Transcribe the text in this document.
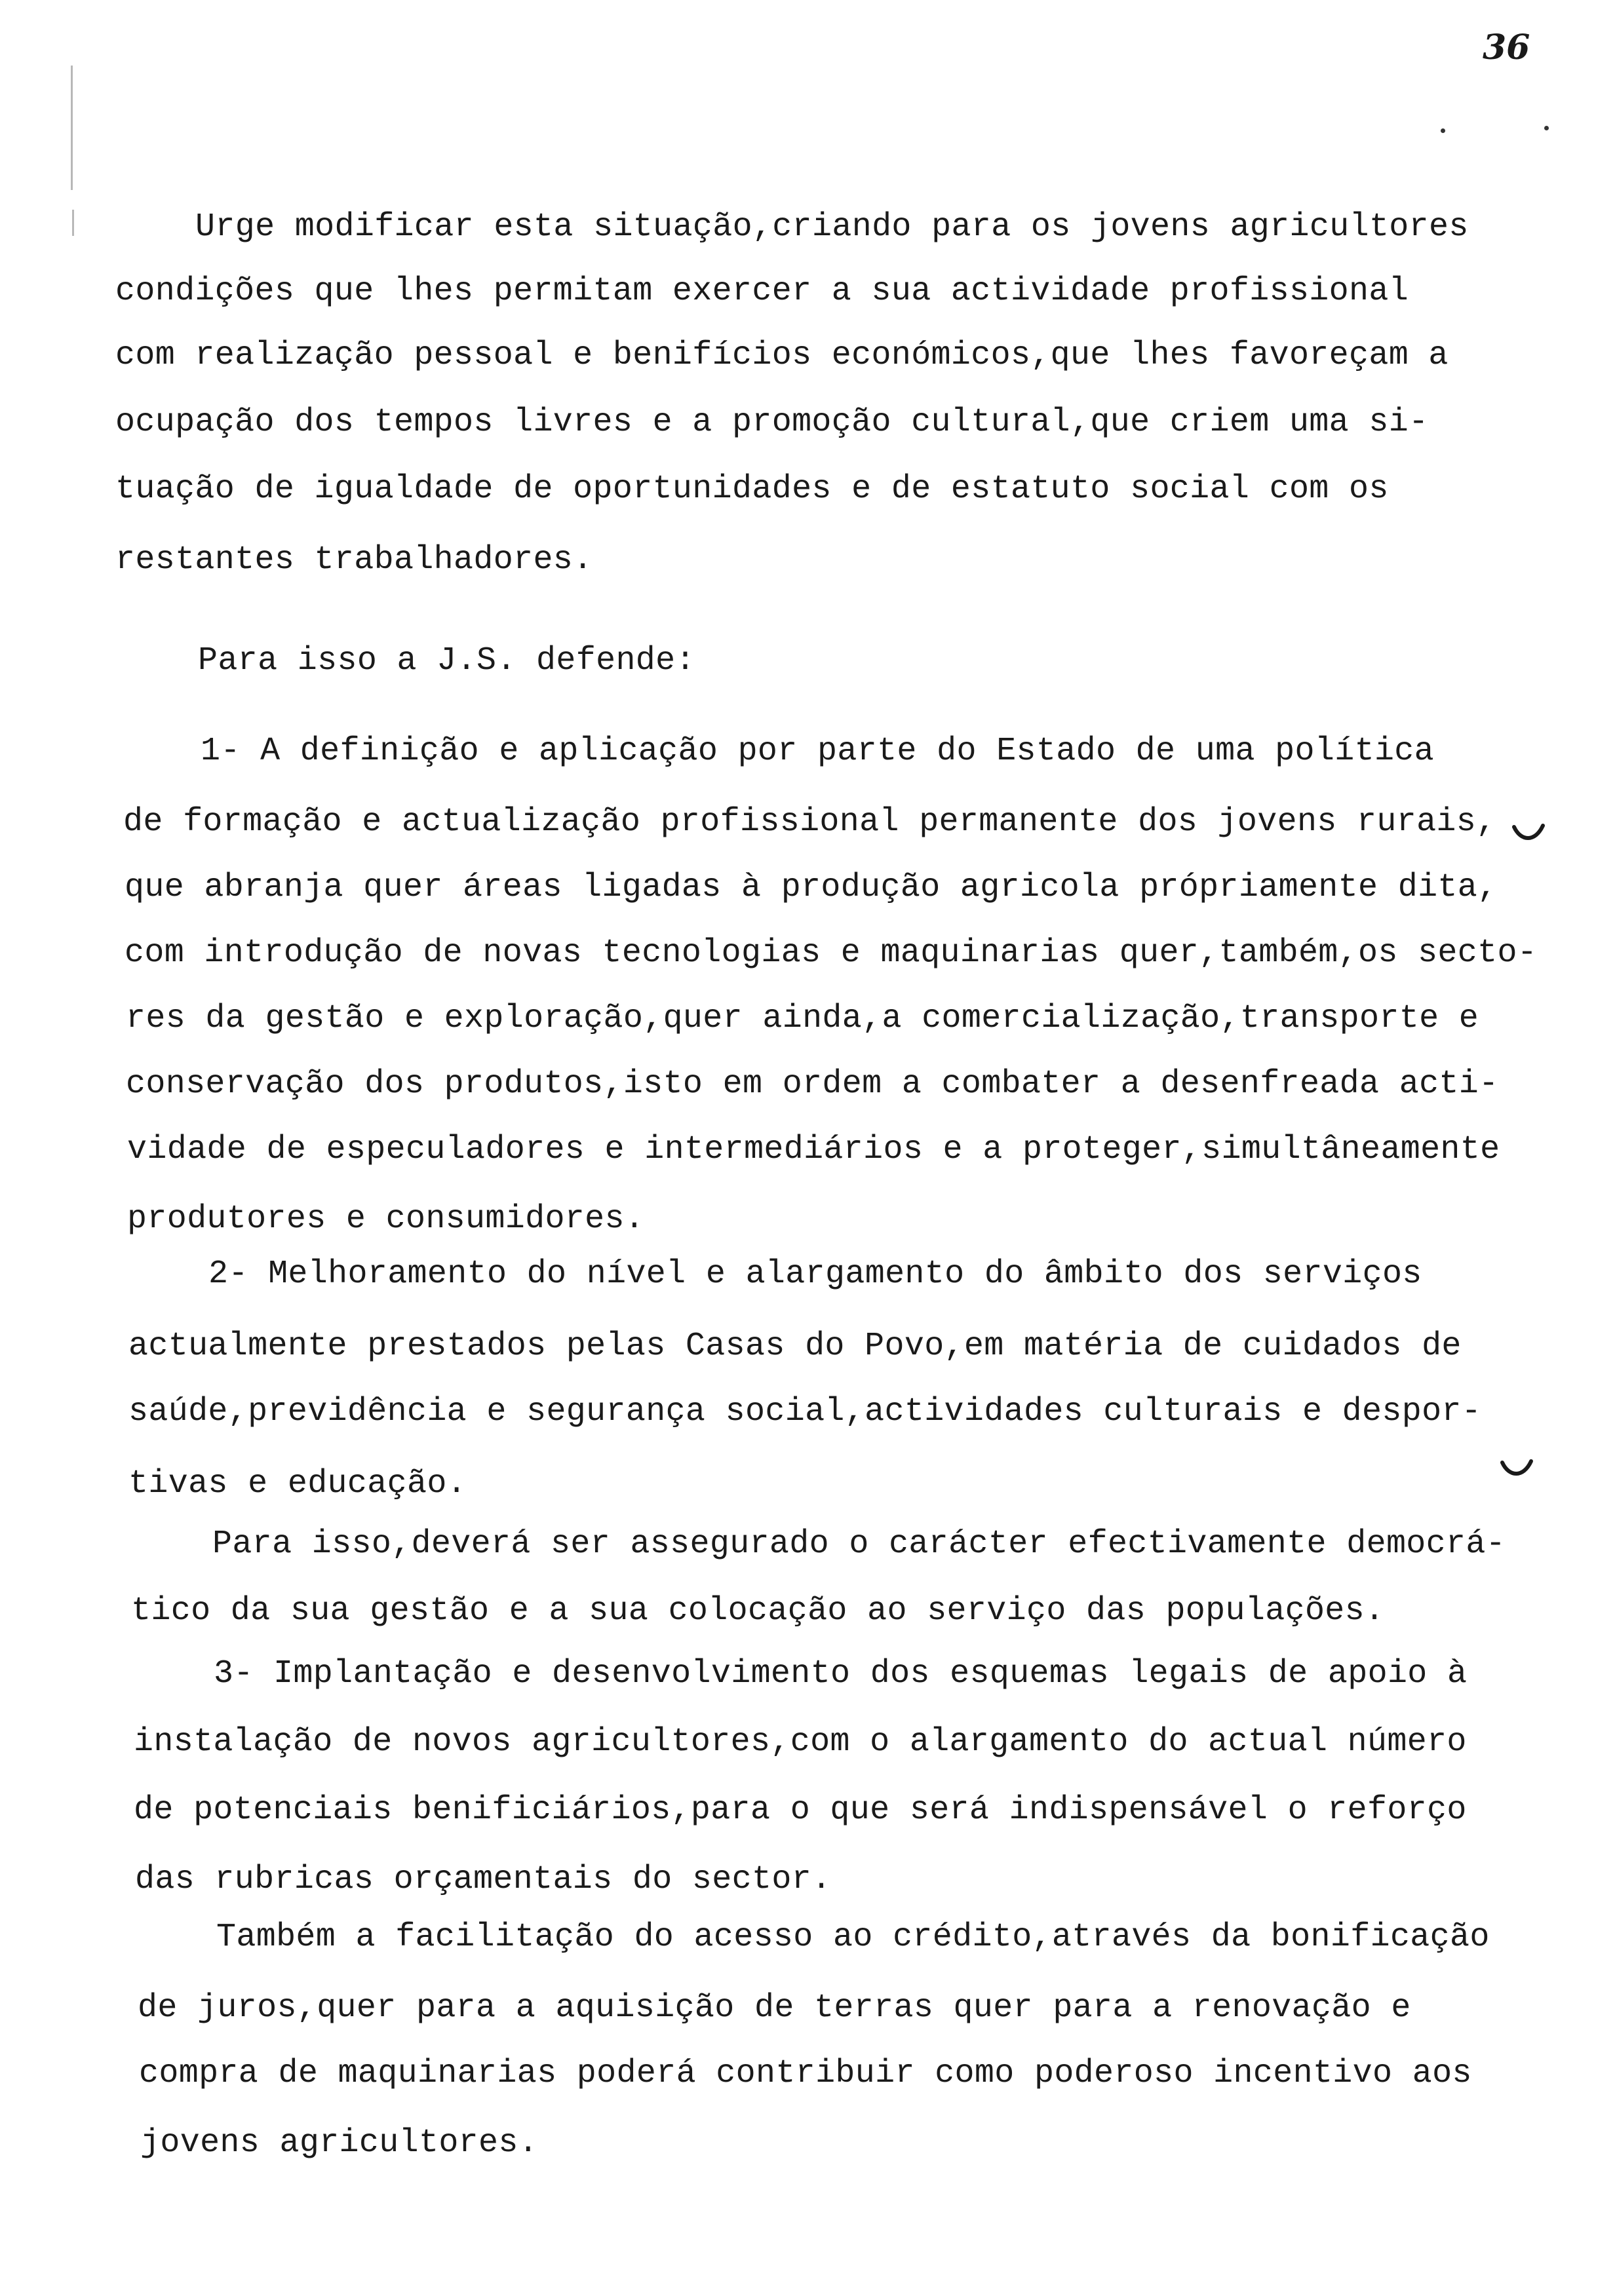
36

Urge modificar esta situação,criando para os jovens agricultores

condições que lhes permitam exercer a sua actividade profissional

com realização pessoal e benifícios económicos,que lhes favoreçam a

ocupação dos tempos livres e a promoção cultural,que criem uma si-

tuação de igualdade de oportunidades e de estatuto social com os

restantes trabalhadores.

Para isso a J.S. defende:

1- A definição e aplicação por parte do Estado de uma política

de formação e actualização profissional permanente dos jovens rurais,

que abranja quer áreas ligadas à produção agricola própriamente dita,

com introdução de novas tecnologias e maquinarias quer,também,os secto-

res da gestão e exploração,quer ainda,a comercialização,transporte e

conservação dos produtos,isto em ordem a combater a desenfreada acti-

vidade de especuladores e intermediários e a proteger,simultâneamente

produtores e consumidores.

2- Melhoramento do nível e alargamento do âmbito dos serviços

actualmente prestados pelas Casas do Povo,em matéria de cuidados de

saúde,previdência e segurança social,actividades culturais e despor-

tivas e educação.

Para isso,deverá ser assegurado o carácter efectivamente democrá-

tico da sua gestão e a sua colocação ao serviço das populações.

3- Implantação e desenvolvimento dos esquemas legais de apoio à

instalação de novos agricultores,com o alargamento do actual número

de potenciais benificiários,para o que será indispensável o reforço

das rubricas orçamentais do sector.

Também a facilitação do acesso ao crédito,através da bonificação

de juros,quer para a aquisição de terras quer para a renovação e

compra de maquinarias poderá contribuir como poderoso incentivo aos

jovens agricultores.
